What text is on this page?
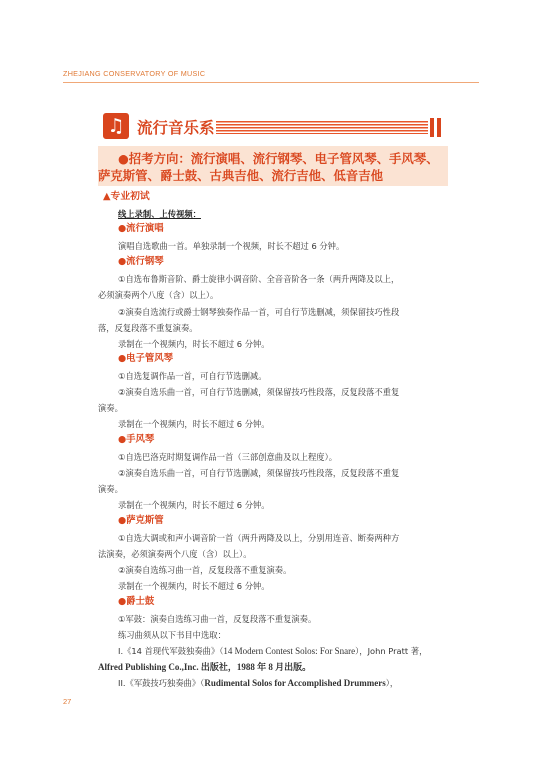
ZHEJIANG CONSERVATORY OF MUSIC
♫ 流行音乐系
●招考方向：流行演唱、流行钢琴、电子管风琴、手风琴、
萨克斯管、爵士鼓、古典吉他、流行吉他、低音吉他
▲专业初试
线上录制、上传视频：
●流行演唱
演唱自选歌曲一首。单独录制一个视频，时长不超过 6 分钟。
●流行钢琴
①自选布鲁斯音阶、爵士旋律小调音阶、全音音阶各一条（两升两降及以上，
必须演奏两个八度（含）以上）。
②演奏自选流行或爵士钢琴独奏作品一首，可自行节选删减，须保留技巧性段
落，反复段落不重复演奏。
录制在一个视频内，时长不超过 6 分钟。
●电子管风琴
①自选复调作品一首，可自行节选删减。
②演奏自选乐曲一首，可自行节选删减，须保留技巧性段落，反复段落不重复
演奏。
录制在一个视频内，时长不超过 6 分钟。
●手风琴
①自选巴洛克时期复调作品一首（三部创意曲及以上程度）。
②演奏自选乐曲一首，可自行节选删减，须保留技巧性段落，反复段落不重复
演奏。
录制在一个视频内，时长不超过 6 分钟。
●萨克斯管
①自选大调或和声小调音阶一首（两升两降及以上，分别用连音、断奏两种方
法演奏，必须演奏两个八度（含）以上）。
②演奏自选练习曲一首，反复段落不重复演奏。
录制在一个视频内，时长不超过 6 分钟。
●爵士鼓
①军鼓：演奏自选练习曲一首，反复段落不重复演奏。
练习曲须从以下书目中选取：
I.《14 首现代军鼓独奏曲》（14 Modern Contest Solos: For Snare），John Pratt 著，
Alfred Publishing Co.,Inc. 出版社，1988 年 8 月出版。
II.《军鼓技巧独奏曲》（Rudimental Solos for Accomplished Drummers），
27
